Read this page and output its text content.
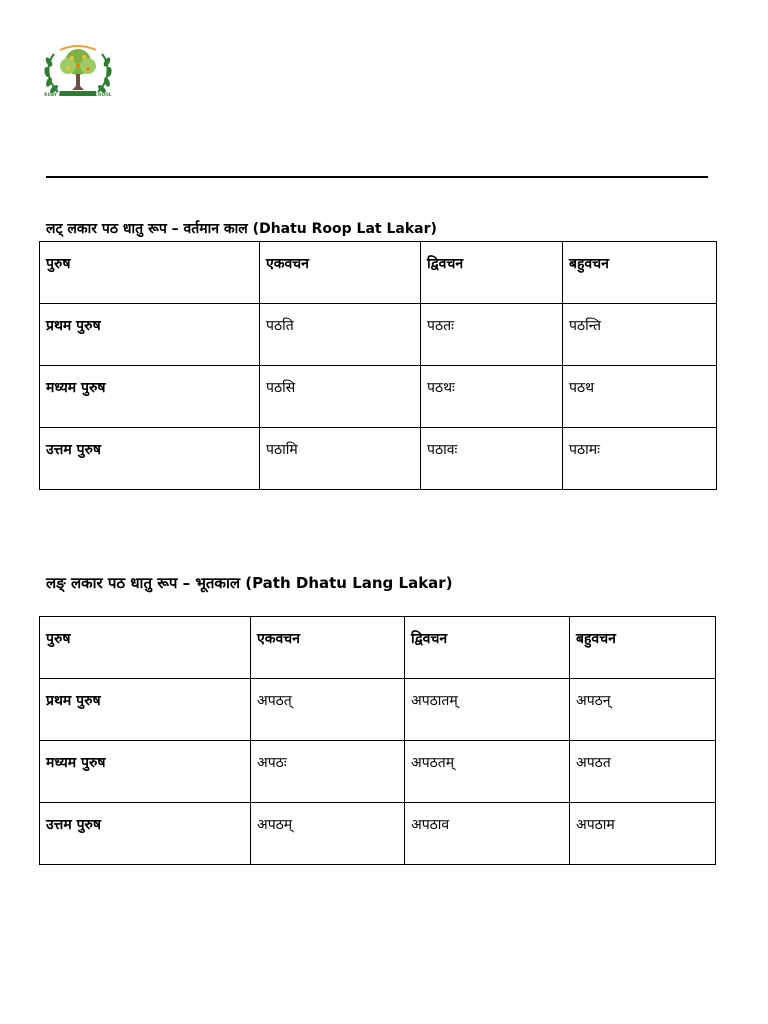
RUBY PARK PUBLIC SCHOOL
लट् लकार पठ धातु रूप – वर्तमान काल (Dhatu Roop Lat Lakar)
पुरुष	एकवचन	द्विवचन	बहुवचन
प्रथम पुरुष	पठति	पठतः	पठन्ति
मध्यम पुरुष	पठसि	पठथः	पठथ
उत्तम पुरुष	पठामि	पठावः	पठामः
लङ् लकार पठ धातु रूप – भूतकाल (Path Dhatu Lang Lakar)
पुरुष	एकवचन	द्विवचन	बहुवचन
प्रथम पुरुष	अपठत्	अपठातम्	अपठन्
मध्यम पुरुष	अपठः	अपठतम्	अपठत
उत्तम पुरुष	अपठम्	अपठाव	अपठाम
